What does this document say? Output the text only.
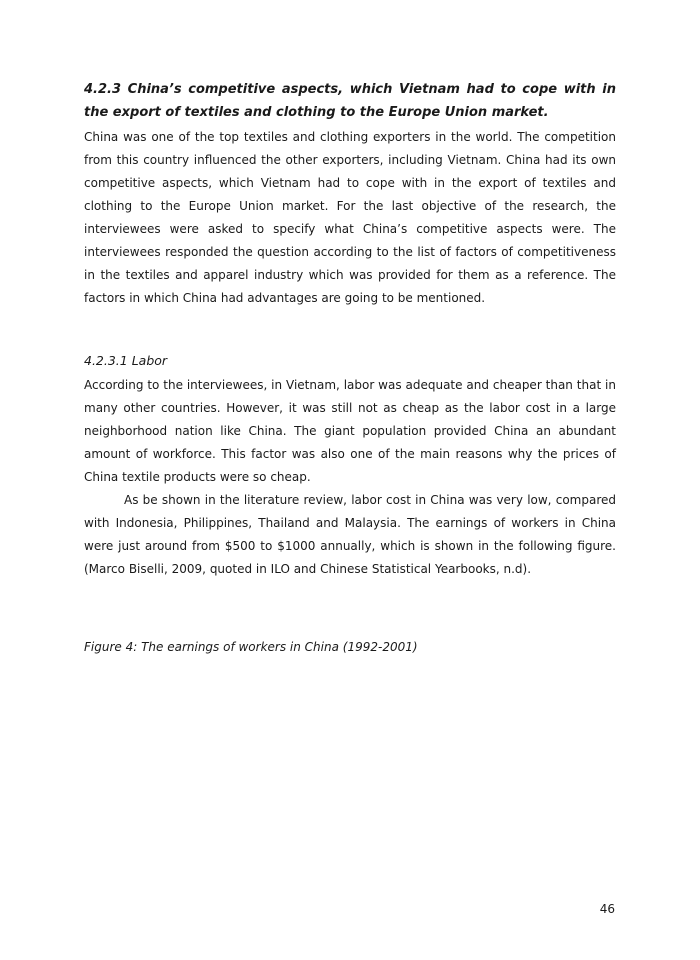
4.2.3 China’s competitive aspects, which Vietnam had to cope with in the export of textiles and clothing to the Europe Union market.

China was one of the top textiles and clothing exporters in the world. The competition from this country influenced the other exporters, including Vietnam. China had its own competitive aspects, which Vietnam had to cope with in the export of textiles and clothing to the Europe Union market. For the last objective of the research, the interviewees were asked to specify what China’s competitive aspects were. The interviewees responded the question according to the list of factors of competitiveness in the textiles and apparel industry which was provided for them as a reference. The factors in which China had advantages are going to be mentioned.

4.2.3.1 Labor

According to the interviewees, in Vietnam, labor was adequate and cheaper than that in many other countries. However, it was still not as cheap as the labor cost in a large neighborhood nation like China. The giant population provided China an abundant amount of workforce. This factor was also one of the main reasons why the prices of China textile products were so cheap.

As be shown in the literature review, labor cost in China was very low, compared with Indonesia, Philippines, Thailand and Malaysia. The earnings of workers in China were just around from $500 to $1000 annually, which is shown in the following figure. (Marco Biselli, 2009, quoted in ILO and Chinese Statistical Yearbooks, n.d).

Figure 4: The earnings of workers in China (1992-2001)
46
